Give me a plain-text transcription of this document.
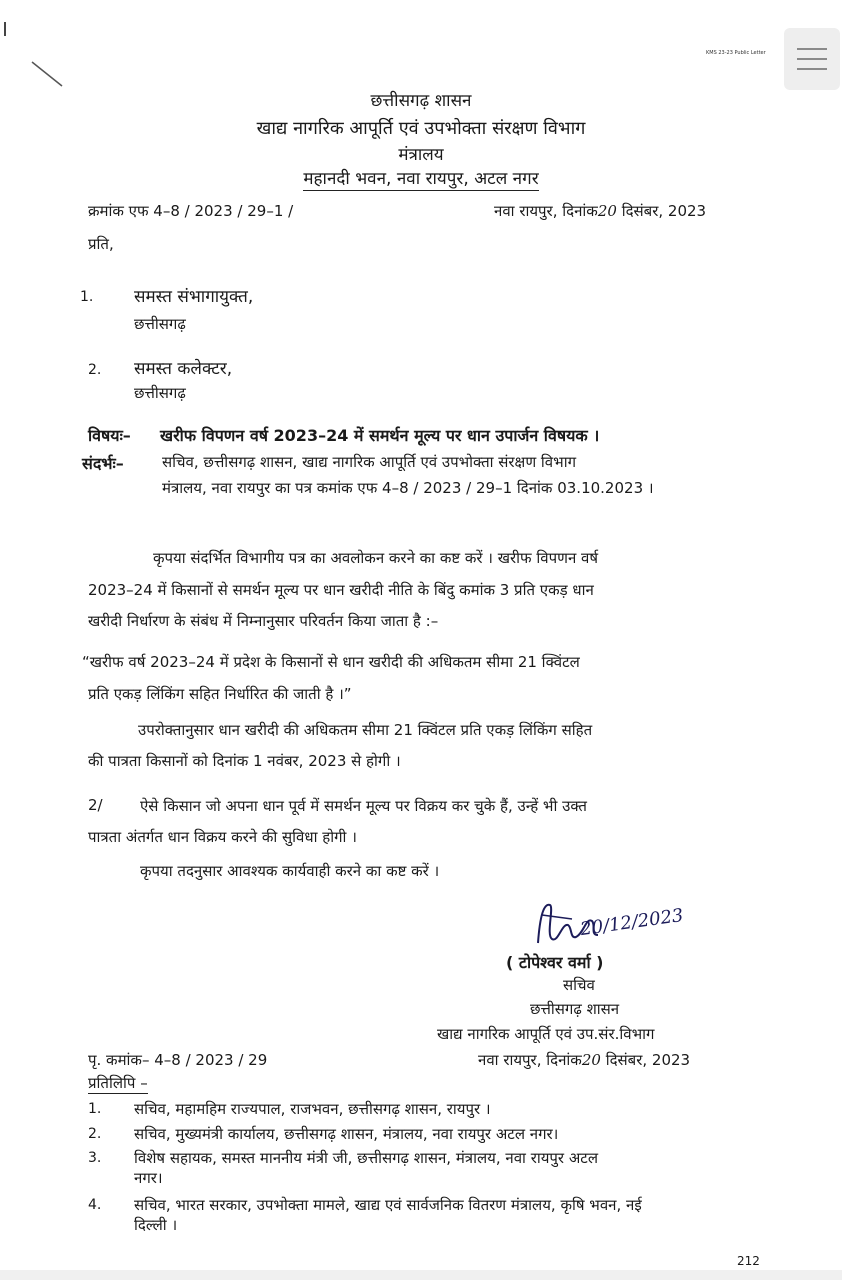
KMS 23-23 Public Letter
छत्तीसगढ़ शासन
खाद्य नागरिक आपूर्ति एवं उपभोक्ता संरक्षण विभाग
मंत्रालय
महानदी भवन, नवा रायपुर, अटल नगर
क्रमांक एफ 4–8 / 2023 / 29–1 /	नवा रायपुर, दिनांक20 दिसंबर, 2023
प्रति,
1. समस्त संभागायुक्त,
छत्तीसगढ़
2. समस्त कलेक्टर,
छत्तीसगढ़
विषयः– खरीफ विपणन वर्ष 2023–24 में समर्थन मूल्य पर धान उपार्जन विषयक ।
संदर्भः–	सचिव, छत्तीसगढ़ शासन, खाद्य नागरिक आपूर्ति एवं उपभोक्ता संरक्षण विभाग
मंत्रालय, नवा रायपुर का पत्र कमांक एफ 4–8 / 2023 / 29–1 दिनांक 03.10.2023 ।
कृपया संदर्भित विभागीय पत्र का अवलोकन करने का कष्ट करें । खरीफ विपणन वर्ष
2023–24 में किसानों से समर्थन मूल्य पर धान खरीदी नीति के बिंदु कमांक 3 प्रति एकड़ धान
खरीदी निर्धारण के संबंध में निम्नानुसार परिवर्तन किया जाता है :–
“खरीफ वर्ष 2023–24 में प्रदेश के किसानों से धान खरीदी की अधिकतम सीमा 21 क्विंटल
प्रति एकड़ लिंकिंग सहित निर्धारित की जाती है ।”
उपरोक्तानुसार धान खरीदी की अधिकतम सीमा 21 क्विंटल प्रति एकड़ लिंकिंग सहित
की पात्रता किसानों को दिनांक 1 नवंबर, 2023 से होगी ।
2/ ऐसे किसान जो अपना धान पूर्व में समर्थन मूल्य पर विक्रय कर चुके हैं, उन्हें भी उक्त
पात्रता अंतर्गत धान विक्रय करने की सुविधा होगी ।
कृपया तदनुसार आवश्यक कार्यवाही करने का कष्ट करें ।
20/12/2023
( टोपेश्वर वर्मा )
सचिव
छत्तीसगढ़ शासन
खाद्य नागरिक आपूर्ति एवं उप.संर.विभाग
पृ. कमांक– 4–8 / 2023 / 29	नवा रायपुर, दिनांक20 दिसंबर, 2023
प्रतिलिपि –
1. सचिव, महामहिम राज्यपाल, राजभवन, छत्तीसगढ़ शासन, रायपुर ।
2. सचिव, मुख्यमंत्री कार्यालय, छत्तीसगढ़ शासन, मंत्रालय, नवा रायपुर अटल नगर।
3. विशेष सहायक, समस्त माननीय मंत्री जी, छत्तीसगढ़ शासन, मंत्रालय, नवा रायपुर अटल
नगर।
4. सचिव, भारत सरकार, उपभोक्ता मामले, खाद्य एवं सार्वजनिक वितरण मंत्रालय, कृषि भवन, नई
दिल्ली ।
212
